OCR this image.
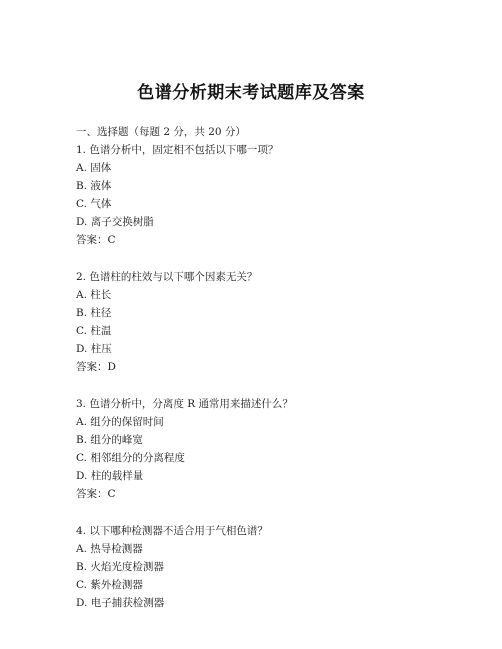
色谱分析期末考试题库及答案
一、选择题（每题 2 分，共 20 分）
1. 色谱分析中，固定相不包括以下哪一项？
A. 固体
B. 液体
C. 气体
D. 离子交换树脂
答案：C
2. 色谱柱的柱效与以下哪个因素无关？
A. 柱长
B. 柱径
C. 柱温
D. 柱压
答案：D
3. 色谱分析中，分离度 R 通常用来描述什么？
A. 组分的保留时间
B. 组分的峰宽
C. 相邻组分的分离程度
D. 柱的载样量
答案：C
4. 以下哪种检测器不适合用于气相色谱？
A. 热导检测器
B. 火焰光度检测器
C. 紫外检测器
D. 电子捕获检测器
